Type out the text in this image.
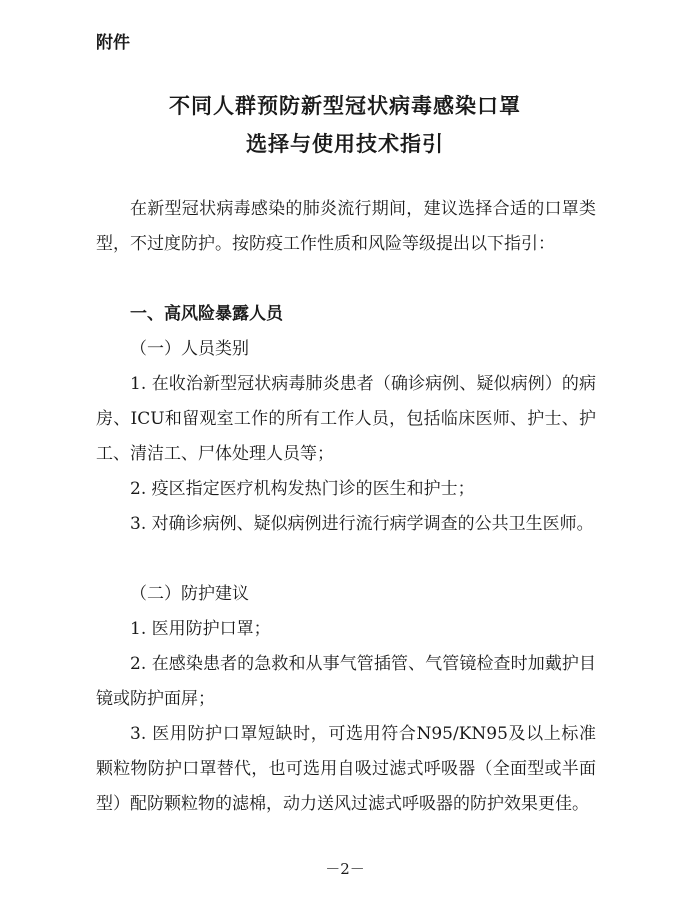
附件
不同人群预防新型冠状病毒感染口罩
选择与使用技术指引
在新型冠状病毒感染的肺炎流行期间，建议选择合适的口罩类型，不过度防护。按防疫工作性质和风险等级提出以下指引：
一、高风险暴露人员
（一）人员类别
1. 在收治新型冠状病毒肺炎患者（确诊病例、疑似病例）的病房、ICU和留观室工作的所有工作人员，包括临床医师、护士、护工、清洁工、尸体处理人员等；
2. 疫区指定医疗机构发热门诊的医生和护士；
3. 对确诊病例、疑似病例进行流行病学调查的公共卫生医师。
（二）防护建议
1. 医用防护口罩；
2. 在感染患者的急救和从事气管插管、气管镜检查时加戴护目镜或防护面屏；
3. 医用防护口罩短缺时，可选用符合N95/KN95及以上标准颗粒物防护口罩替代，也可选用自吸过滤式呼吸器（全面型或半面型）配防颗粒物的滤棉，动力送风过滤式呼吸器的防护效果更佳。
－2－
